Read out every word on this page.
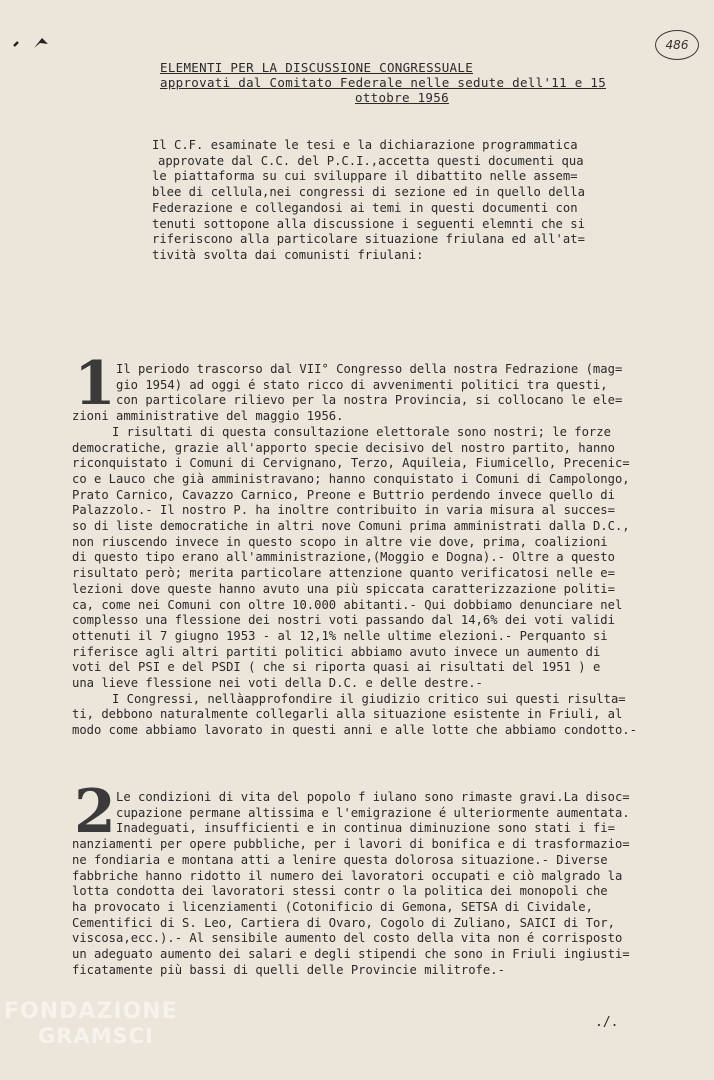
486
ELEMENTI PER LA DISCUSSIONE CONGRESSUALE
approvati dal Comitato Federale nelle sedute dell'11 e 15
ottobre 1956
Il C.F. esaminate le tesi e la dichiarazione programmatica
approvate dal C.C. del P.C.I.,accetta questi documenti qua
le piattaforma su cui sviluppare il dibattito nelle assem=
blee di cellula,nei congressi di sezione ed in quello della
Federazione e collegandosi ai temi in questi documenti con
tenuti sottopone alla discussione i seguenti elemnti che si
riferiscono alla particolare situazione friulana ed all'at=
tività svolta dai comunisti friulani:
1 Il periodo trascorso dal VII° Congresso della nostra Fedrazione (mag=
gio 1954) ad oggi é stato ricco di avvenimenti politici tra questi,
con particolare rilievo per la nostra Provincia, si collocano le ele=
zioni amministrative del maggio 1956.
I risultati di questa consultazione elettorale sono nostri; le forze
democratiche, grazie all'apporto specie decisivo del nostro partito, hanno
riconquistato i Comuni di Cervignano, Terzo, Aquileia, Fiumicello, Precenic=
co e Lauco che già amministravano; hanno conquistato i Comuni di Campolongo,
Prato Carnico, Cavazzo Carnico, Preone e Buttrio perdendo invece quello di
Palazzolo.- Il nostro P. ha inoltre contribuito in varia misura al succes=
so di liste democratiche in altri nove Comuni prima amministrati dalla D.C.,
non riuscendo invece in questo scopo in altre vie dove, prima, coalizioni
di questo tipo erano all'amministrazione,(Moggio e Dogna).- Oltre a questo
risultato però; merita particolare attenzione quanto verificatosi nelle e=
lezioni dove queste hanno avuto una più spiccata caratterizzazione politi=
ca, come nei Comuni con oltre 10.000 abitanti.- Qui dobbiamo denunciare nel
complesso una flessione dei nostri voti passando dal 14,6% dei voti validi
ottenuti il 7 giugno 1953 - al 12,1% nelle ultime elezioni.- Perquanto si
riferisce agli altri partiti politici abbiamo avuto invece un aumento di
voti del PSI e del PSDI ( che si riporta quasi ai risultati del 1951 ) e
una lieve flessione nei voti della D.C. e delle destre.-
I Congressi, nellàapprofondire il giudizio critico sui questi risulta=
ti, debbono naturalmente collegarli alla situazione esistente in Friuli, al
modo come abbiamo lavorato in questi anni e alle lotte che abbiamo condotto.-
2 Le condizioni di vita del popolo f iulano sono rimaste gravi.La disoc=
cupazione permane altissima e l'emigrazione é ulteriormente aumentata.
Inadeguati, insufficienti e in continua diminuzione sono stati i fi=
nanziamenti per opere pubbliche, per i lavori di bonifica e di trasformazio=
ne fondiaria e montana atti a lenire questa dolorosa situazione.- Diverse
fabbriche hanno ridotto il numero dei lavoratori occupati e ciò malgrado la
lotta condotta dei lavoratori stessi contr o la politica dei monopoli che
ha provocato i licenziamenti (Cotonificio di Gemona, SETSA di Cividale,
Cementifici di S. Leo, Cartiera di Ovaro, Cogolo di Zuliano, SAICI di Tor,
viscosa,ecc.).- Al sensibile aumento del costo della vita non é corrisposto
un adeguato aumento dei salari e degli stipendi che sono in Friuli ingiusti=
ficatamente più bassi di quelli delle Provincie militrofe.-
./.
FONDAZIONE
GRAMSCI
